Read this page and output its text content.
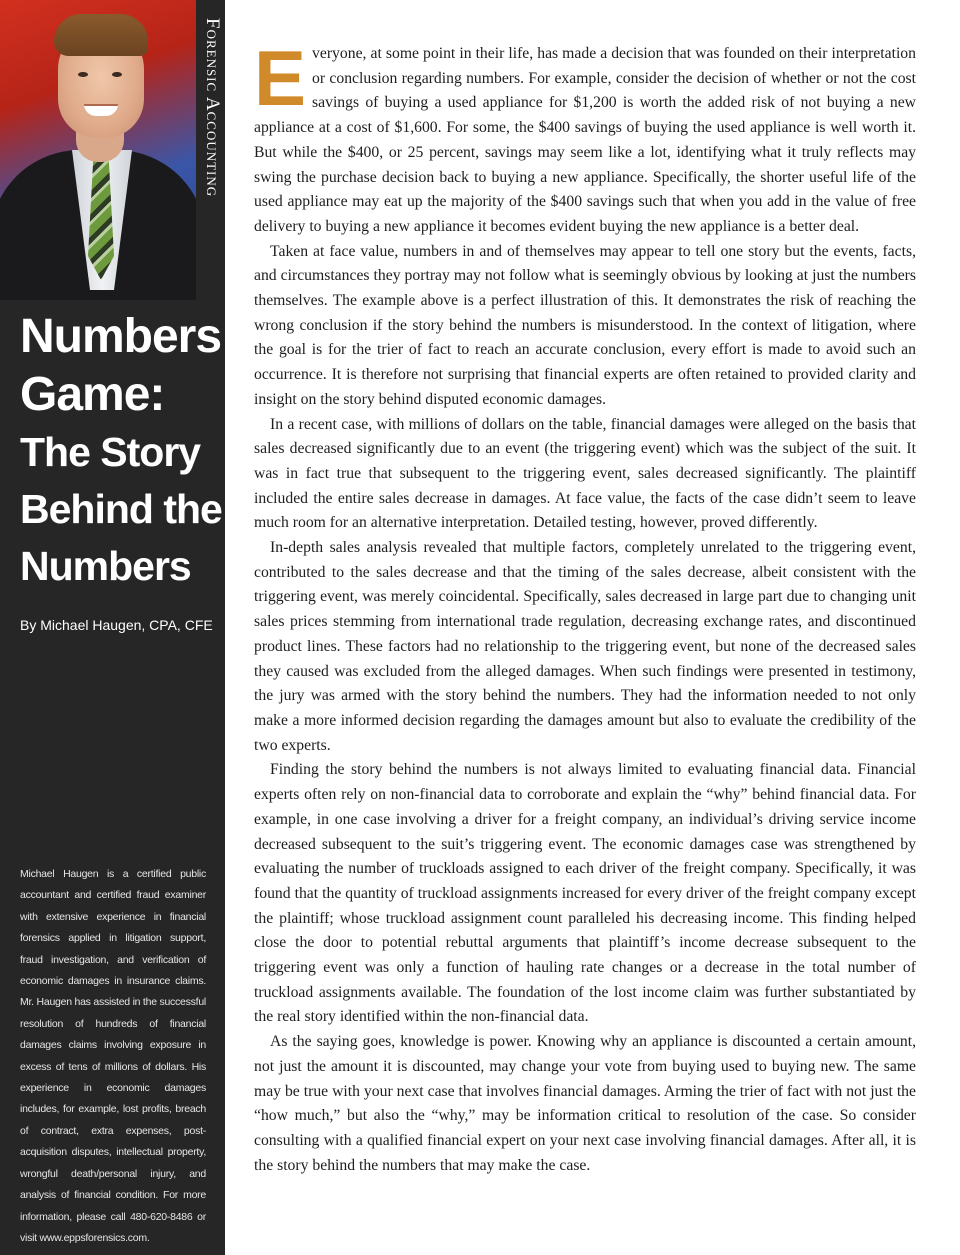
Forensic Accounting
Numbers
Game:
The Story
Behind the
Numbers
By Michael Haugen, CPA, CFE

Michael Haugen is a certified public accountant and certified fraud examiner with extensive experience in financial forensics applied in litigation support, fraud investigation, and verification of economic damages in insurance claims. Mr. Haugen has assisted in the successful resolution of hundreds of financial damages claims involving exposure in excess of tens of millions of dollars. His experience in economic damages includes, for example, lost profits, breach of contract, extra expenses, post-acquisition disputes, intellectual property, wrongful death/personal injury, and analysis of financial condition. For more information, please call 480-620-8486 or visit www.eppsforensics.com.

Everyone, at some point in their life, has made a decision that was founded on their interpretation or conclusion regarding numbers. For example, consider the decision of whether or not the cost savings of buying a used appliance for $1,200 is worth the added risk of not buying a new appliance at a cost of $1,600. For some, the $400 savings of buying the used appliance is well worth it. But while the $400, or 25 percent, savings may seem like a lot, identifying what it truly reflects may swing the purchase decision back to buying a new appliance. Specifically, the shorter useful life of the used appliance may eat up the majority of the $400 savings such that when you add in the value of free delivery to buying a new appliance it becomes evident buying the new appliance is a better deal.

Taken at face value, numbers in and of themselves may appear to tell one story but the events, facts, and circumstances they portray may not follow what is seemingly obvious by looking at just the numbers themselves. The example above is a perfect illustration of this. It demonstrates the risk of reaching the wrong conclusion if the story behind the numbers is misunderstood. In the context of litigation, where the goal is for the trier of fact to reach an accurate conclusion, every effort is made to avoid such an occurrence. It is therefore not surprising that financial experts are often retained to provided clarity and insight on the story behind disputed economic damages.

In a recent case, with millions of dollars on the table, financial damages were alleged on the basis that sales decreased significantly due to an event (the triggering event) which was the subject of the suit. It was in fact true that subsequent to the triggering event, sales decreased significantly. The plaintiff included the entire sales decrease in damages. At face value, the facts of the case didn’t seem to leave much room for an alternative interpretation. Detailed testing, however, proved differently.

In-depth sales analysis revealed that multiple factors, completely unrelated to the triggering event, contributed to the sales decrease and that the timing of the sales decrease, albeit consistent with the triggering event, was merely coincidental. Specifically, sales decreased in large part due to changing unit sales prices stemming from international trade regulation, decreasing exchange rates, and discontinued product lines. These factors had no relationship to the triggering event, but none of the decreased sales they caused was excluded from the alleged damages. When such findings were presented in testimony, the jury was armed with the story behind the numbers. They had the information needed to not only make a more informed decision regarding the damages amount but also to evaluate the credibility of the two experts.

Finding the story behind the numbers is not always limited to evaluating financial data. Financial experts often rely on non-financial data to corroborate and explain the “why” behind financial data. For example, in one case involving a driver for a freight company, an individual’s driving service income decreased subsequent to the suit’s triggering event. The economic damages case was strengthened by evaluating the number of truckloads assigned to each driver of the freight company. Specifically, it was found that the quantity of truckload assignments increased for every driver of the freight company except the plaintiff; whose truckload assignment count paralleled his decreasing income. This finding helped close the door to potential rebuttal arguments that plaintiff’s income decrease subsequent to the triggering event was only a function of hauling rate changes or a decrease in the total number of truckload assignments available. The foundation of the lost income claim was further substantiated by the real story identified within the non-financial data.

As the saying goes, knowledge is power. Knowing why an appliance is discounted a certain amount, not just the amount it is discounted, may change your vote from buying used to buying new. The same may be true with your next case that involves financial damages. Arming the trier of fact with not just the “how much,” but also the “why,” may be information critical to resolution of the case. So consider consulting with a qualified financial expert on your next case involving financial damages. After all, it is the story behind the numbers that may make the case.
